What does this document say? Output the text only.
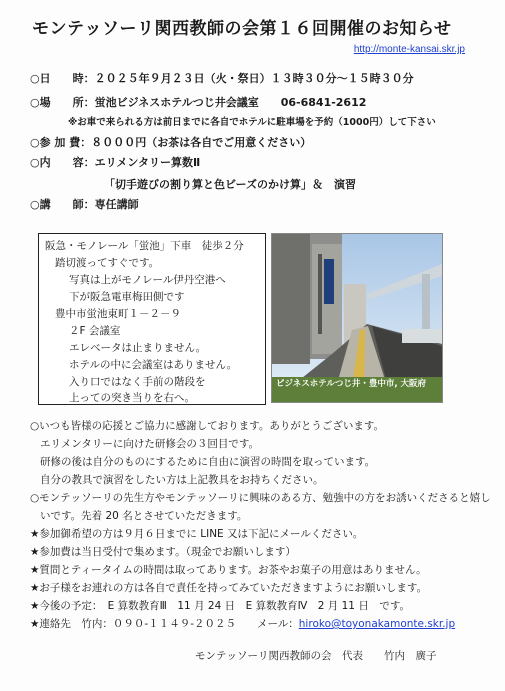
モンテッソーリ関西教師の会第１６回開催のお知らせ
http://monte-kansai.skr.jp
○日　　時：２０２５年９月２３日（火・祭日）１３時３０分～１５時３０分
○場　　所：蛍池ビジネスホテルつじ井会議室　　06-6841-2612
※お車で来られる方は前日までに各自でホテルに駐車場を予約（1000円）して下さい
○参 加 費：８０００円（お茶は各自でご用意ください）
○内　　容：エリメンタリー算数Ⅱ
「切手遊びの割り算と色ビーズのかけ算」＆　演習
○講　　師：専任講師
阪急・モノレール「蛍池」下車　徒歩２分
踏切渡ってすぐです。
写真は上がモノレール伊丹空港へ
下が阪急電車梅田側です
豊中市蛍池東町１－２－９
２F 会議室
エレベータは止まりません。
ホテルの中に会議室はありません。
入り口ではなく手前の階段を
上っての突き当りを右へ。
ビジネスホテルつじ井・豊中市, 大阪府
○いつも皆様の応援とご協力に感謝しております。ありがとうございます。
エリメンタリーに向けた研修会の３回目です。
研修の後は自分のものにするために自由に演習の時間を取っています。
自分の教具で演習をしたい方は上記教具をお持ちください。
○モンテッソーリの先生方やモンテッソーリに興味のある方、勉強中の方をお誘いくださると嬉し
いです。先着 20 名とさせていただきます。
★参加御希望の方は９月６日までに LINE 又は下記にメールください。
★参加費は当日受付で集めます。（現金でお願いします）
★質問とティータイムの時間は取ってあります。お茶やお菓子の用意はありません。
★お子様をお連れの方は各自で責任を持ってみていただきますようにお願いします。
★今後の予定：　E 算数教育Ⅲ　11 月 24 日　E 算数教育Ⅳ　2 月 11 日　です。
★連絡先　竹内：０９０-１１４９-２０２５　　メール：hiroko@toyonakamonte.skr.jp
モンテッソーリ関西教師の会　代表　　竹内　廣子
